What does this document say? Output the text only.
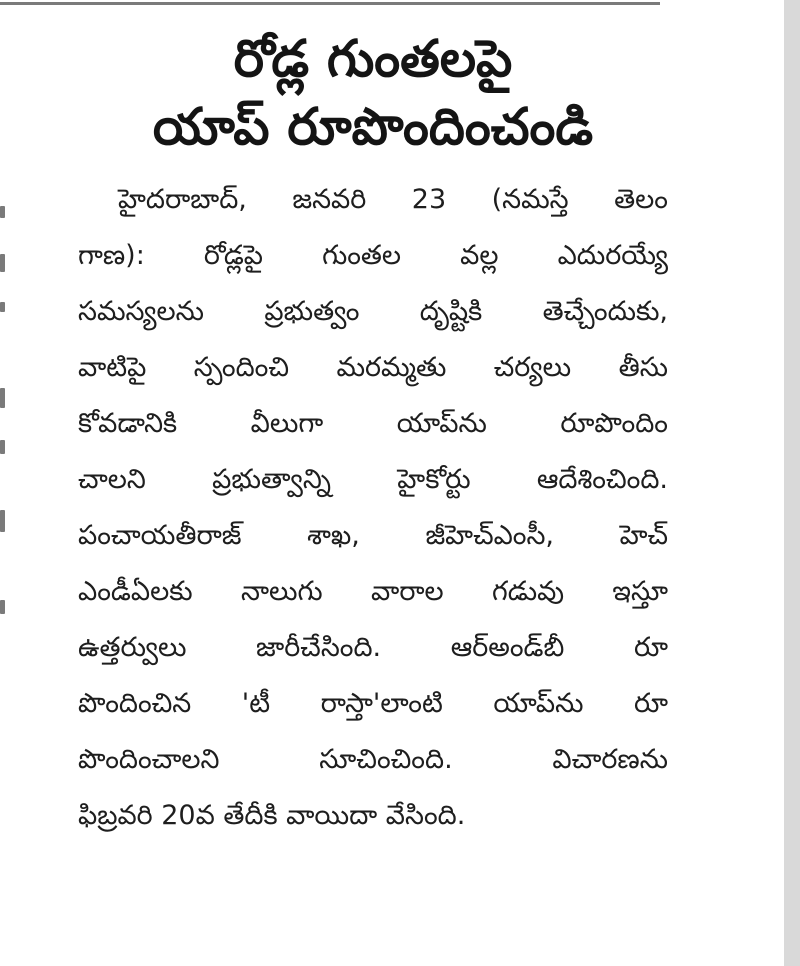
రోడ్ల గుంతలపై
యాప్ రూపొందించండి
హైదరాబాద్, జనవరి 23 (నమస్తే తెలం
గాణ): రోడ్లపై గుంతల వల్ల ఎదురయ్యే
సమస్యలను ప్రభుత్వం దృష్టికి తెచ్చేందుకు,
వాటిపై స్పందించి మరమ్మతు చర్యలు తీసు
కోవడానికి వీలుగా యాప్‌ను రూపొందిం
చాలని ప్రభుత్వాన్ని హైకోర్టు ఆదేశించింది.
పంచాయతీరాజ్ శాఖ, జీహెచ్ఎంసీ, హెచ్
ఎండీఏలకు నాలుగు వారాల గడువు ఇస్తూ
ఉత్తర్వులు జారీచేసింది. ఆర్అండ్‌బీ రూ
పొందించిన 'టీ రాస్తా'లాంటి యాప్‌ను రూ
పొందించాలని సూచించింది. విచారణను
ఫిబ్రవరి 20వ తేదీకి వాయిదా వేసింది.
